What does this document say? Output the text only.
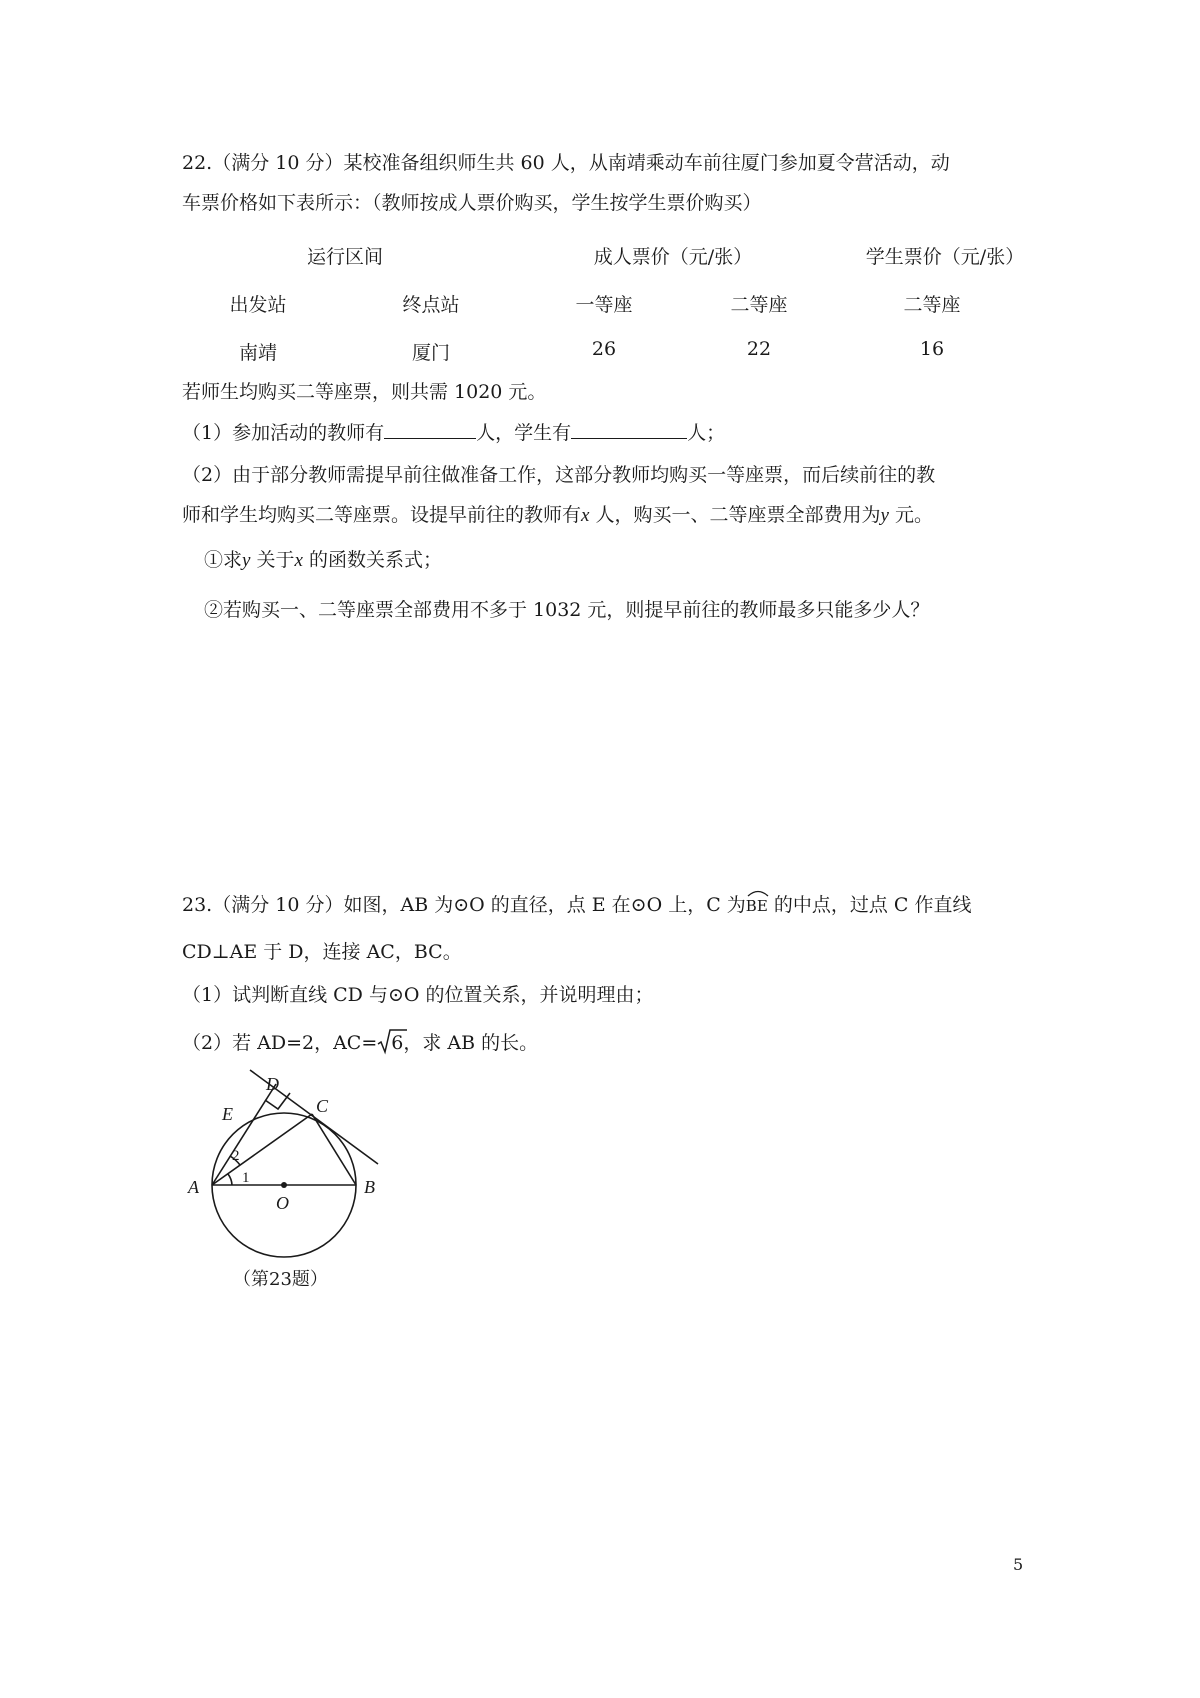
22.（满分 10 分）某校准备组织师生共 60 人，从南靖乘动车前往厦门参加夏令营活动，动
车票价格如下表所示：（教师按成人票价购买，学生按学生票价购买）
运行区间	成人票价（元/张）	学生票价（元/张）
出发站	终点站	一等座	二等座	二等座
南靖	厦门	26	22	16
若师生均购买二等座票，则共需 1020 元。
（1）参加活动的教师有	人，学生有	人；
（2）由于部分教师需提早前往做准备工作，这部分教师均购买一等座票，而后续前往的教
师和学生均购买二等座票。设提早前往的教师有x 人，购买一、二等座票全部费用为y 元。
①求y 关于x 的函数关系式；
②若购买一、二等座票全部费用不多于 1032 元，则提早前往的教师最多只能多少人？
23.（满分 10 分）如图，AB 为⊙O 的直径，点 E 在⊙O 上，C 为
BE 的中点，过点 C 作直线
CD⊥AE 于 D，连接 AC，BC。
（1）试判断直线 CD 与⊙O 的位置关系，并说明理由；
（2）若 AD=2，AC= 6，求 AB 的长。
D
E	C
A	B
O
1
2
（第23题）
5
